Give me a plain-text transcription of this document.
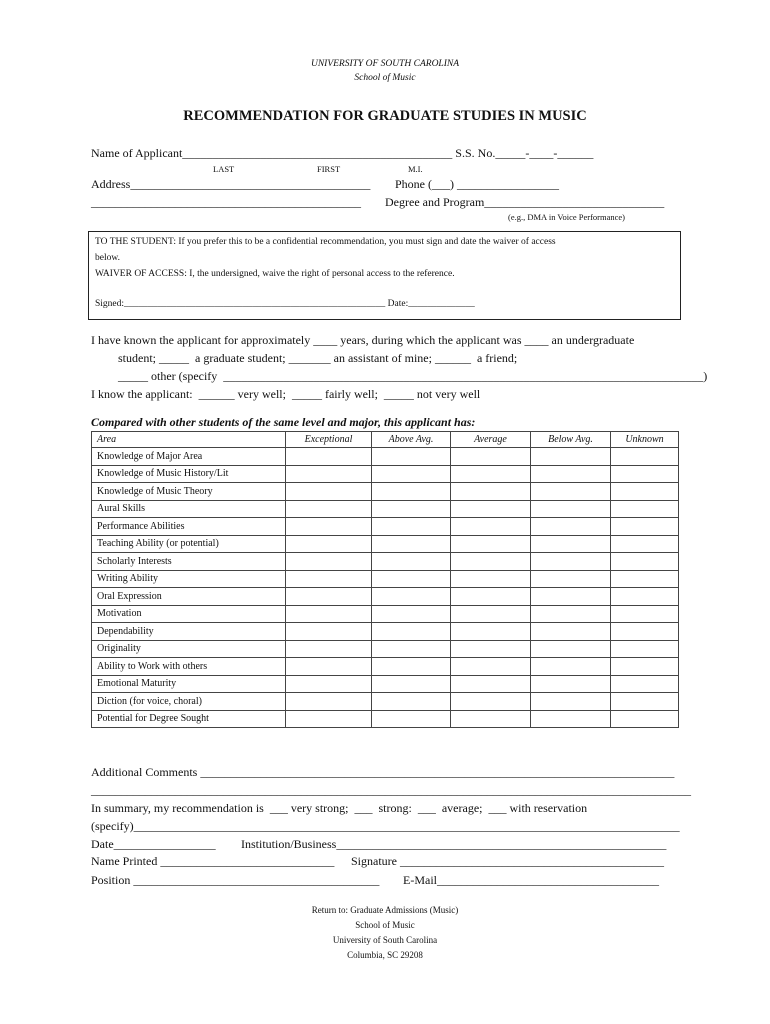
UNIVERSITY OF SOUTH CAROLINA
School of Music
RECOMMENDATION FOR GRADUATE STUDIES IN MUSIC
Name of Applicant_____________________________________________ S.S. No._____-____-______
LAST	FIRST	M.I.
Address________________________________________ Phone (___) _________________
_____________________________________________ Degree and Program______________________________
(e.g., DMA in Voice Performance)
TO THE STUDENT: If you prefer this to be a confidential recommendation, you must sign and date the waiver of access
below.
WAIVER OF ACCESS: I, the undersigned, waive the right of personal access to the reference.
Signed:_______________________________________________________ Date:______________
I have known the applicant for approximately ____ years, during which the applicant was ____ an undergraduate
student; _____  a graduate student; _______ an assistant of mine; ______  a friend;
_____ other (specify  ________________________________________________________________________________)
I know the applicant:  ______ very well;  _____ fairly well;  _____ not very well
Compared with other students of the same level and major, this applicant has:
Area	Exceptional	Above Avg.	Average	Below Avg.	Unknown
Knowledge of Major Area					
Knowledge of Music History/Lit					
Knowledge of Music Theory					
Aural Skills					
Performance Abilities					
Teaching Ability (or potential)					
Scholarly Interests					
Writing Ability					
Oral Expression					
Motivation					
Dependability					
Originality					
Ability to Work with others					
Emotional Maturity					
Diction (for voice, choral)					
Potential for Degree Sought					
Additional Comments _______________________________________________________________________________
____________________________________________________________________________________________________
In summary, my recommendation is  ___ very strong;  ___  strong:  ___  average;  ___ with reservation
(specify)___________________________________________________________________________________________
Date_________________ Institution/Business_______________________________________________________
Name Printed _____________________________ Signature ____________________________________________
Position _________________________________________ E-Mail_____________________________________
Return to: Graduate Admissions (Music)
School of Music
University of South Carolina
Columbia, SC 29208
